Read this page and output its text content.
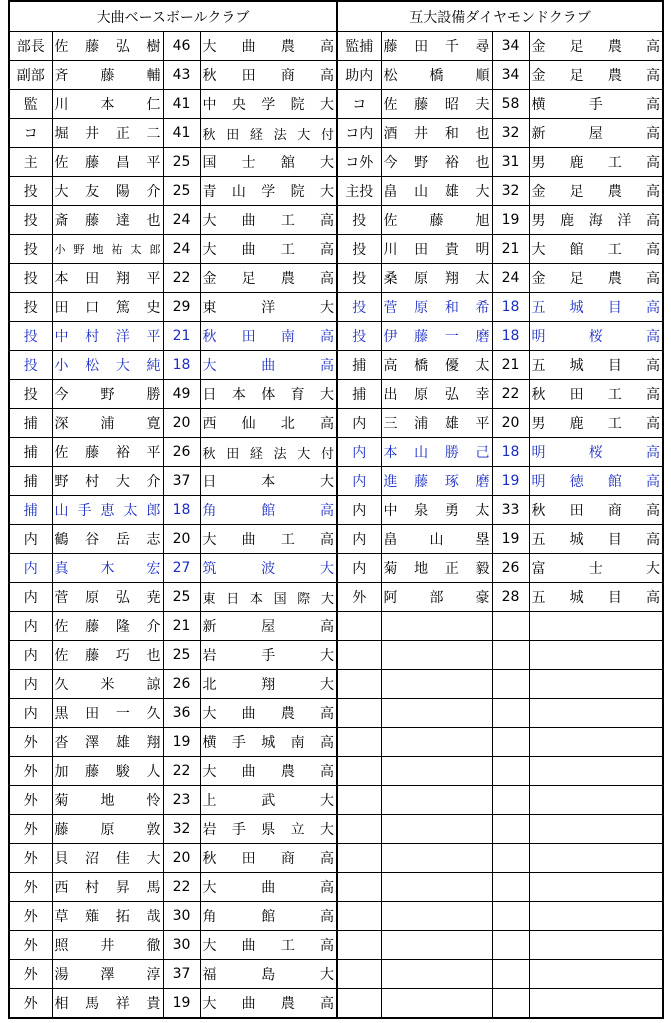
大曲ベースボールクラブ				互大設備ダイヤモンドクラブ			
部長	佐藤弘樹	46	大曲農高	監捕	藤田千尋	34	金足農高
副部	斉藤輔	43	秋田商高	助内	松橋順	34	金足農高
監	川本仁	41	中央学院大	コ	佐藤昭夫	58	横手高
コ	堀井正二	41	秋田経法大付	コ内	酒井和也	32	新屋高
主	佐藤昌平	25	国士舘大	コ外	今野裕也	31	男鹿工高
投	大友陽介	25	青山学院大	主投	畠山雄大	32	金足農高
投	斎藤達也	24	大曲工高	投	佐藤旭	19	男鹿海洋高
投	小野地祐太郎	24	大曲工高	投	川田貴明	21	大館工高
投	本田翔平	22	金足農高	投	桑原翔太	24	金足農高
投	田口篤史	29	東洋大	投	菅原和希	18	五城目高
投	中村洋平	21	秋田南高	投	伊藤一磨	18	明桜高
投	小松大純	18	大曲高	捕	高橋優太	21	五城目高
投	今野勝	49	日本体育大	捕	出原弘幸	22	秋田工高
捕	深浦寛	20	西仙北高	内	三浦雄平	20	男鹿工高
捕	佐藤裕平	26	秋田経法大付	内	本山勝己	18	明桜高
捕	野村大介	37	日本大	内	進藤琢磨	19	明徳館高
捕	山手恵太郎	18	角館高	内	中泉勇太	33	秋田商高
内	鶴谷岳志	20	大曲工高	内	畠山塁	19	五城目高
内	真木宏	27	筑波大	内	菊地正毅	26	富士大
内	菅原弘尭	25	東日本国際大	外	阿部豪	28	五城目高
内	佐藤隆介	21	新屋高				
内	佐藤巧也	25	岩手大				
内	久米諒	26	北翔大				
内	黒田一久	36	大曲農高				
外	沓澤雄翔	19	横手城南高				
外	加藤駿人	22	大曲農高				
外	菊地怜	23	上武大				
外	藤原敦	32	岩手県立大				
外	貝沼佳大	20	秋田商高				
外	西村昇馬	22	大曲高				
外	草薙拓哉	30	角館高				
外	照井徹	30	大曲工高				
外	湯澤淳	37	福島大				
外	相馬祥貴	19	大曲農高				
